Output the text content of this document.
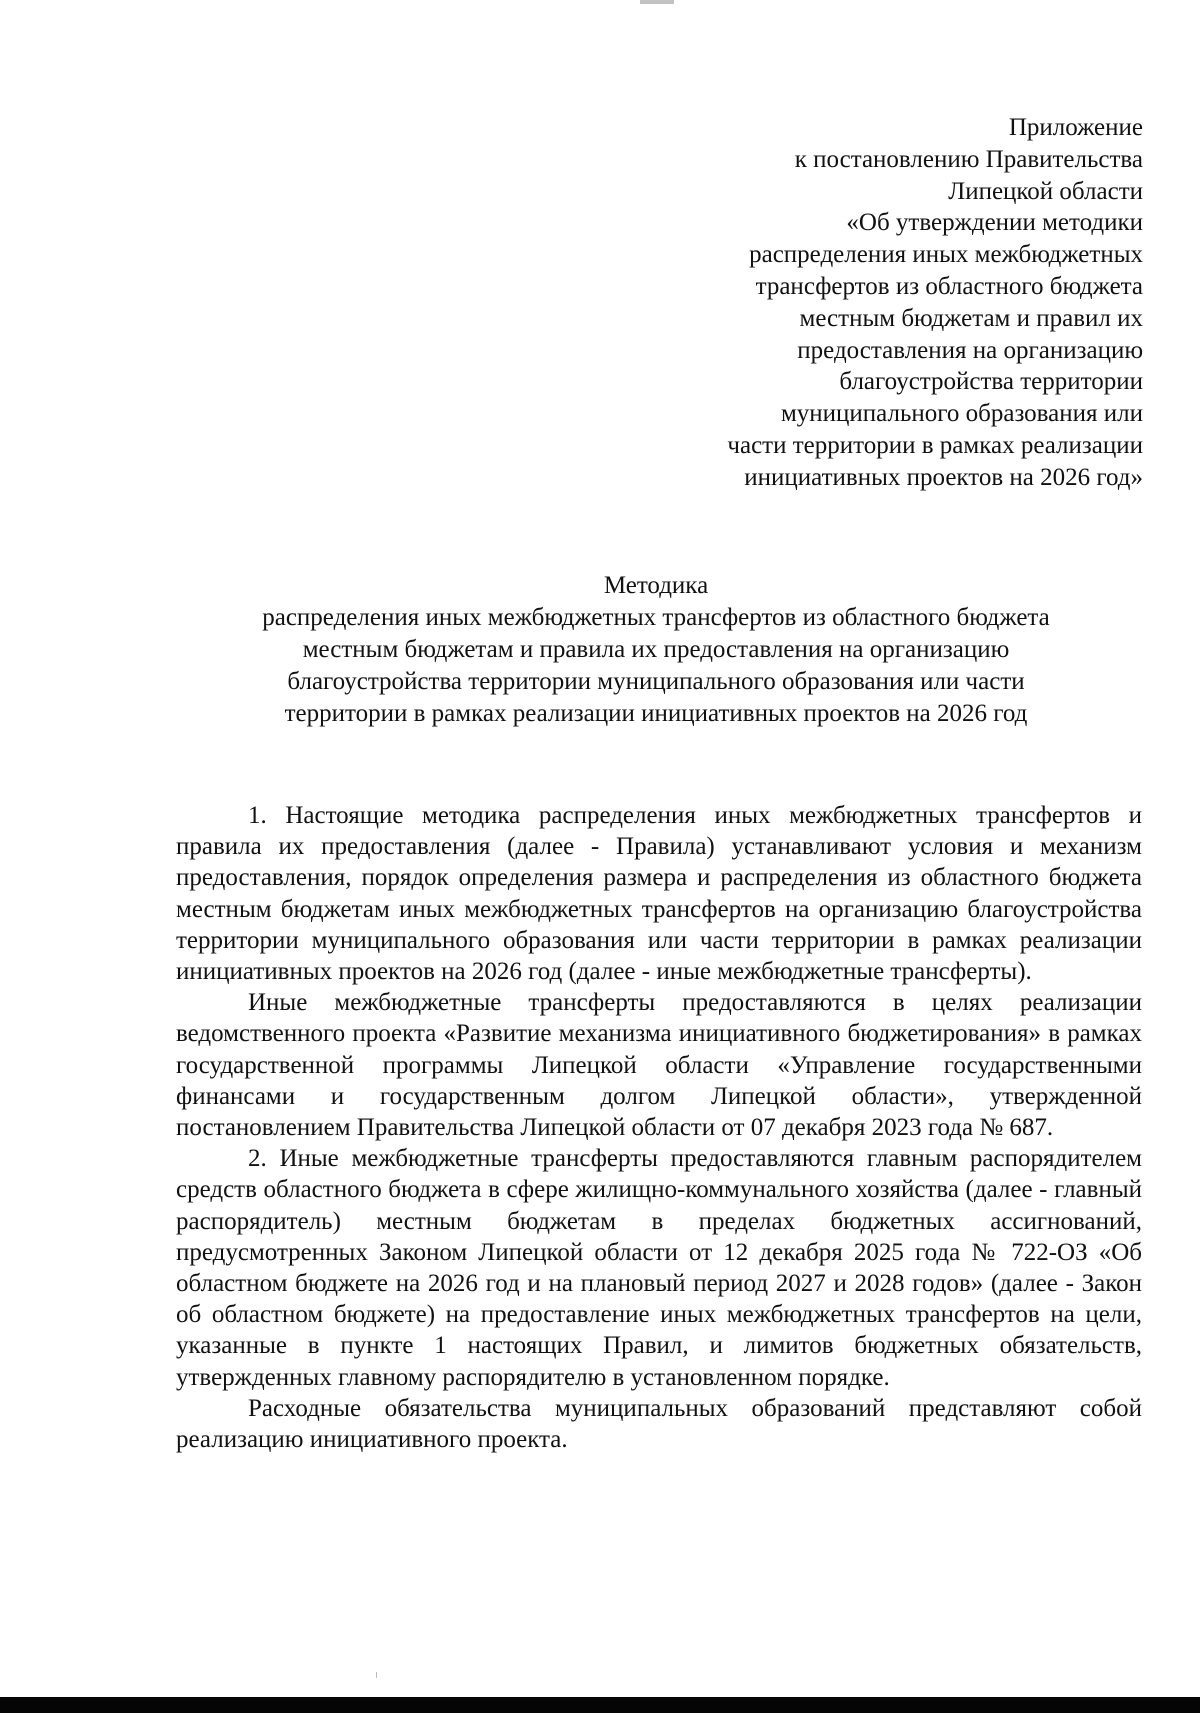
Приложение
к постановлению Правительства
Липецкой области
«Об утверждении методики
распределения иных межбюджетных
трансфертов из областного бюджета
местным бюджетам и правил их
предоставления на организацию
благоустройства территории
муниципального образования или
части территории в рамках реализации
инициативных проектов на 2026 год»
Методика
распределения иных межбюджетных трансфертов из областного бюджета
местным бюджетам и правила их предоставления на организацию
благоустройства территории муниципального образования или части
территории в рамках реализации инициативных проектов на 2026 год

1. Настоящие методика распределения иных межбюджетных трансфертов и правила их предоставления (далее - Правила) устанавливают условия и механизм предоставления, порядок определения размера и распределения из областного бюджета местным бюджетам иных межбюджетных трансфертов на организацию благоустройства территории муниципального образования или части территории в рамках реализации инициативных проектов на 2026 год (далее - иные межбюджетные трансферты).

Иные межбюджетные трансферты предоставляются в целях реализации ведомственного проекта «Развитие механизма инициативного бюджетирования» в рамках государственной программы Липецкой области «Управление государственными финансами и государственным долгом Липецкой области», утвержденной постановлением Правительства Липецкой области от 07 декабря 2023 года № 687.

2. Иные межбюджетные трансферты предоставляются главным распорядителем средств областного бюджета в сфере жилищно-коммунального хозяйства (далее - главный распорядитель) местным бюджетам в пределах бюджетных ассигнований, предусмотренных Законом Липецкой области от 12 декабря 2025 года № 722-ОЗ «Об областном бюджете на 2026 год и на плановый период 2027 и 2028 годов» (далее - Закон об областном бюджете) на предоставление иных межбюджетных трансфертов на цели, указанные в пункте 1 настоящих Правил, и лимитов бюджетных обязательств, утвержденных главному распорядителю в установленном порядке.

Расходные обязательства муниципальных образований представляют собой реализацию инициативного проекта.
